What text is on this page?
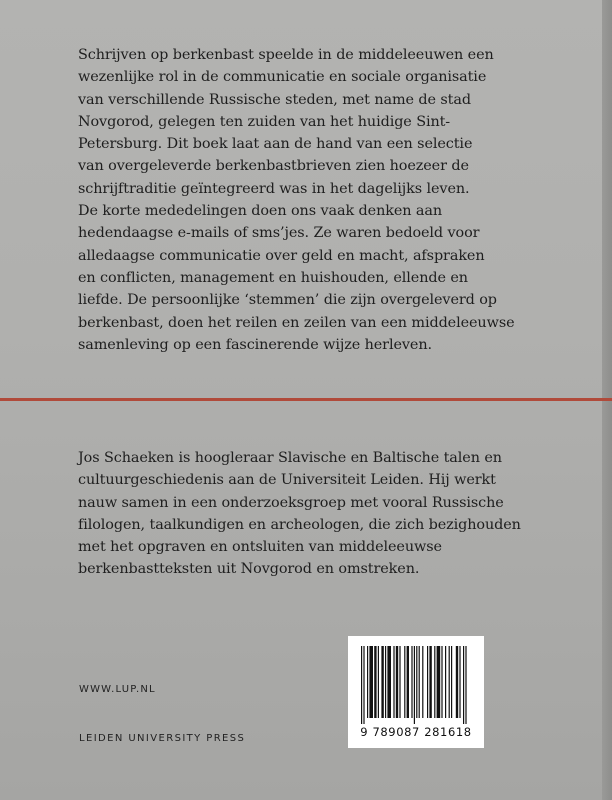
Schrijven op berkenbast speelde in de middeleeuwen een
wezenlijke rol in de communicatie en sociale organisatie
van verschillende Russische steden, met name de stad
Novgorod, gelegen ten zuiden van het huidige Sint-
Petersburg. Dit boek laat aan de hand van een selectie
van overgeleverde berkenbastbrieven zien hoezeer de
schrijftraditie geïntegreerd was in het dagelijks leven.
De korte mededelingen doen ons vaak denken aan
hedendaagse e-mails of sms’jes. Ze waren bedoeld voor
alledaagse communicatie over geld en macht, afspraken
en conflicten, management en huishouden, ellende en
liefde. De persoonlijke ‘stemmen’ die zijn overgeleverd op
berkenbast, doen het reilen en zeilen van een middeleeuwse
samenleving op een fascinerende wijze herleven.
Jos Schaeken is hoogleraar Slavische en Baltische talen en
cultuurgeschiedenis aan de Universiteit Leiden. Hij werkt
nauw samen in een onderzoeksgroep met vooral Russische
filologen, taalkundigen en archeologen, die zich bezighouden
met het opgraven en ontsluiten van middeleeuwse
berkenbastteksten uit Novgorod en omstreken.
WWW.LUP.NL
LEIDEN UNIVERSITY PRESS	9 789087 281618
